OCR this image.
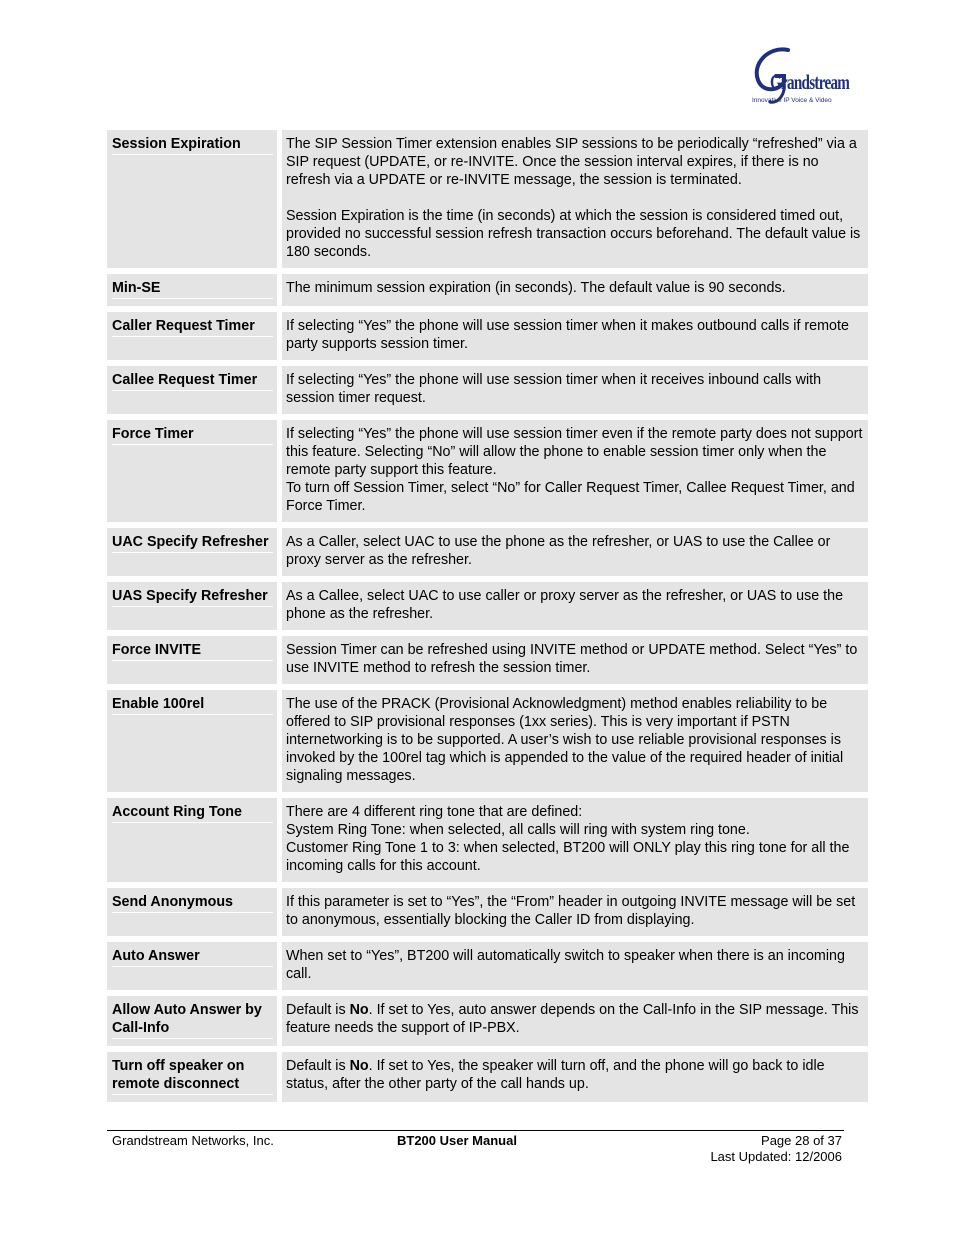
Grandstream
Innovative IP Voice & Video
Session Expiration	The SIP Session Timer extension enables SIP sessions to be periodically “refreshed” via a SIP request (UPDATE, or re-INVITE. Once the session interval expires, if there is no refresh via a UPDATE or re-INVITE message, the session is terminated.
Session Expiration is the time (in seconds) at which the session is considered timed out, provided no successful session refresh transaction occurs beforehand. The default value is 180 seconds.

Min-SE	The minimum session expiration (in seconds). The default value is 90 seconds.

Caller Request Timer	If selecting “Yes” the phone will use session timer when it makes outbound calls if remote party supports session timer.

Callee Request Timer	If selecting “Yes” the phone will use session timer when it receives inbound calls with session timer request.

Force Timer	If selecting “Yes” the phone will use session timer even if the remote party does not support this feature. Selecting “No” will allow the phone to enable session timer only when the remote party support this feature.
To turn off Session Timer, select “No” for Caller Request Timer, Callee Request Timer, and Force Timer.

UAC Specify Refresher	As a Caller, select UAC to use the phone as the refresher, or UAS to use the Callee or proxy server as the refresher.

UAS Specify Refresher	As a Callee, select UAC to use caller or proxy server as the refresher, or UAS to use the phone as the refresher.

Force INVITE	Session Timer can be refreshed using INVITE method or UPDATE method. Select “Yes” to use INVITE method to refresh the session timer.

Enable 100rel	The use of the PRACK (Provisional Acknowledgment) method enables reliability to be offered to SIP provisional responses (1xx series). This is very important if PSTN internetworking is to be supported. A user’s wish to use reliable provisional responses is invoked by the 100rel tag which is appended to the value of the required header of initial signaling messages.

Account Ring Tone	There are 4 different ring tone that are defined:
System Ring Tone: when selected, all calls will ring with system ring tone.
Customer Ring Tone 1 to 3: when selected, BT200 will ONLY play this ring tone for all the incoming calls for this account.

Send Anonymous	If this parameter is set to “Yes”, the “From” header in outgoing INVITE message will be set to anonymous, essentially blocking the Caller ID from displaying.

Auto Answer	When set to “Yes”, BT200 will automatically switch to speaker when there is an incoming call.

Allow Auto Answer by Call-Info	Default is No. If set to Yes, auto answer depends on the Call-Info in the SIP message. This feature needs the support of IP-PBX.

Turn off speaker on remote disconnect	Default is No. If set to Yes, the speaker will turn off, and the phone will go back to idle status, after the other party of the call hands up.
Grandstream Networks, Inc.	BT200 User Manual	Page 28 of 37
Last Updated: 12/2006
